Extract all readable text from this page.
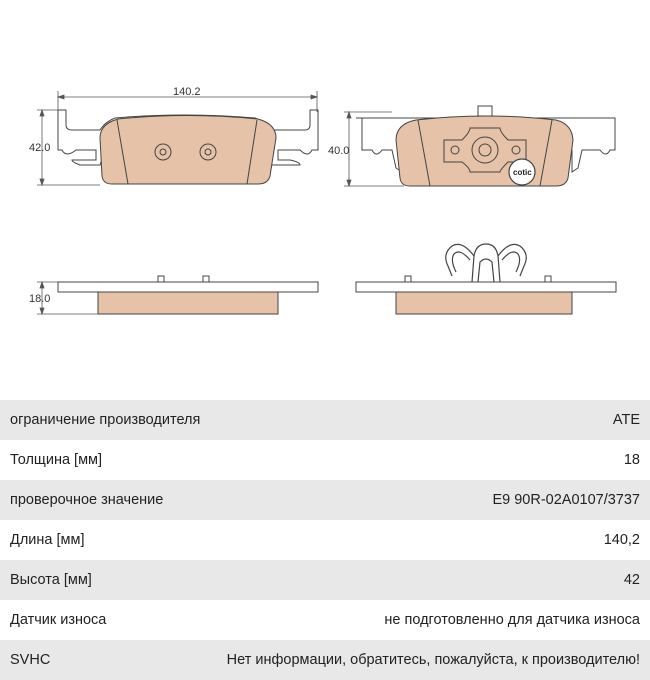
cotic
140.2
42.0	40.0
18.0
ограничение производителя	ATE
Толщина [мм]	18
проверочное значение	E9 90R-02A0107/3737
Длина [мм]	140,2
Высота [мм]	42
Датчик износа	не подготовленно для датчика износа
SVHC	Нет информации, обратитесь, пожалуйста, к производителю!
